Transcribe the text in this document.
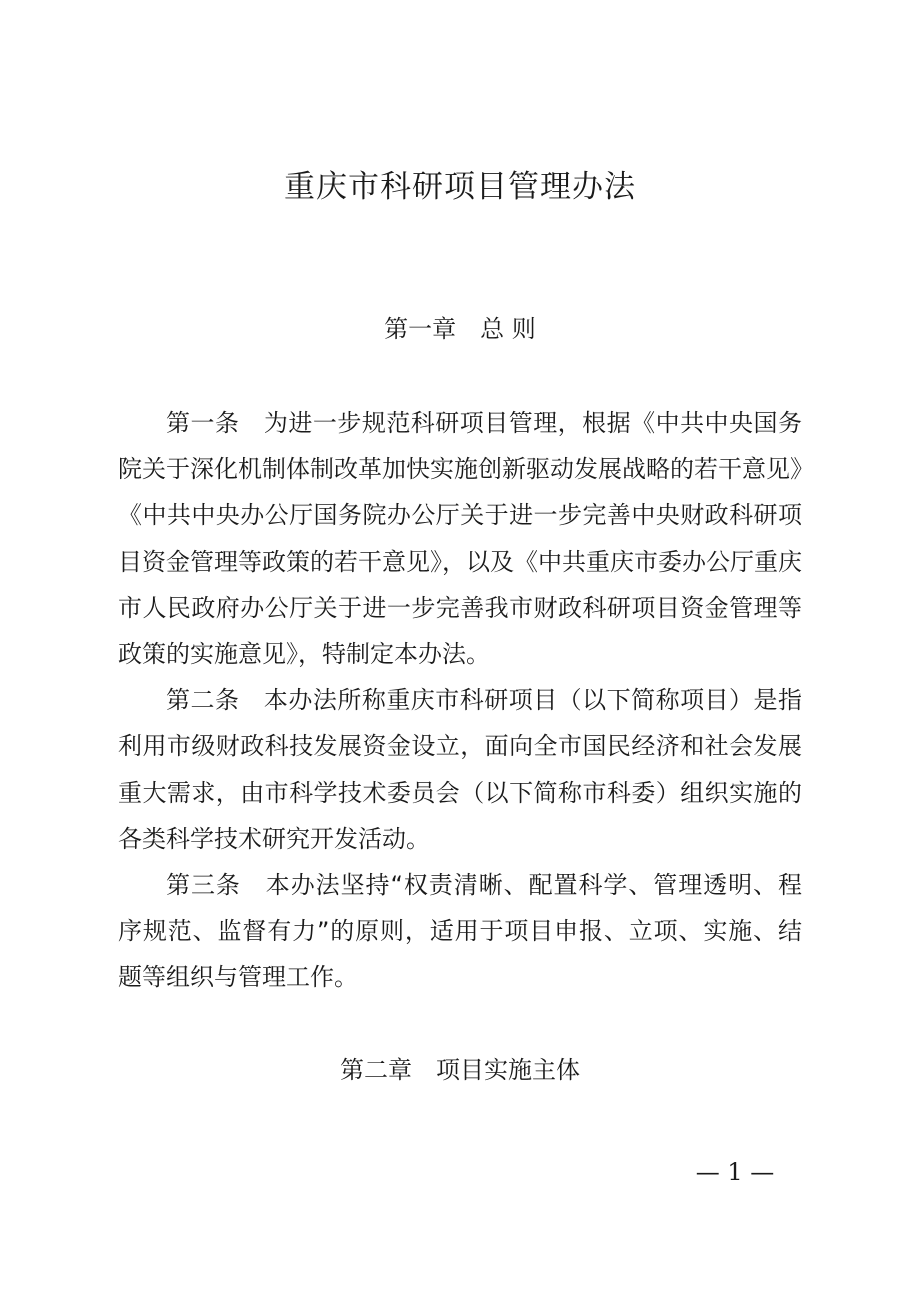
重庆市科研项目管理办法
第一章　总 则

第一条　为进一步规范科研项目管理，根据《中共中央国务院关于深化机制体制改革加快实施创新驱动发展战略的若干意见》《中共中央办公厅国务院办公厅关于进一步完善中央财政科研项目资金管理等政策的若干意见》，以及《中共重庆市委办公厅重庆市人民政府办公厅关于进一步完善我市财政科研项目资金管理等政策的实施意见》，特制定本办法。

第二条　本办法所称重庆市科研项目（以下简称项目）是指利用市级财政科技发展资金设立，面向全市国民经济和社会发展重大需求，由市科学技术委员会（以下简称市科委）组织实施的各类科学技术研究开发活动。

第三条　本办法坚持“权责清晰、配置科学、管理透明、程序规范、监督有力”的原则，适用于项目申报、立项、实施、结题等组织与管理工作。

第二章　项目实施主体
— 1 —
